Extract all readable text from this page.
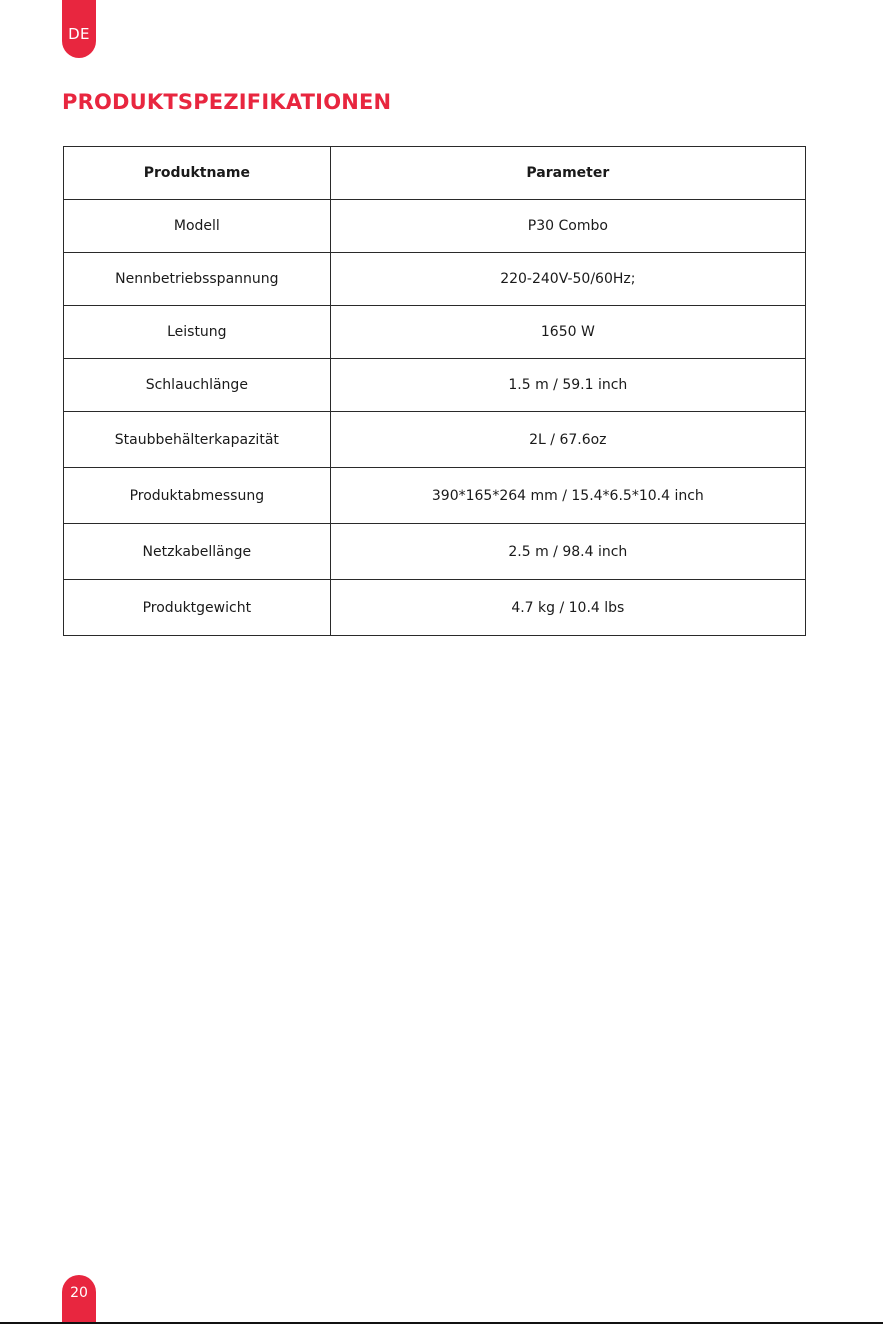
DE
PRODUKTSPEZIFIKATIONEN
Produktname	Parameter
Modell	P30 Combo
Nennbetriebsspannung	220-240V-50/60Hz;
Leistung	1650 W
Schlauchlänge	1.5 m / 59.1 inch
Staubbehälterkapazität	2L / 67.6oz
Produktabmessung	390*165*264 mm / 15.4*6.5*10.4 inch
Netzkabellänge	2.5 m / 98.4 inch
Produktgewicht	4.7 kg / 10.4 lbs
20
